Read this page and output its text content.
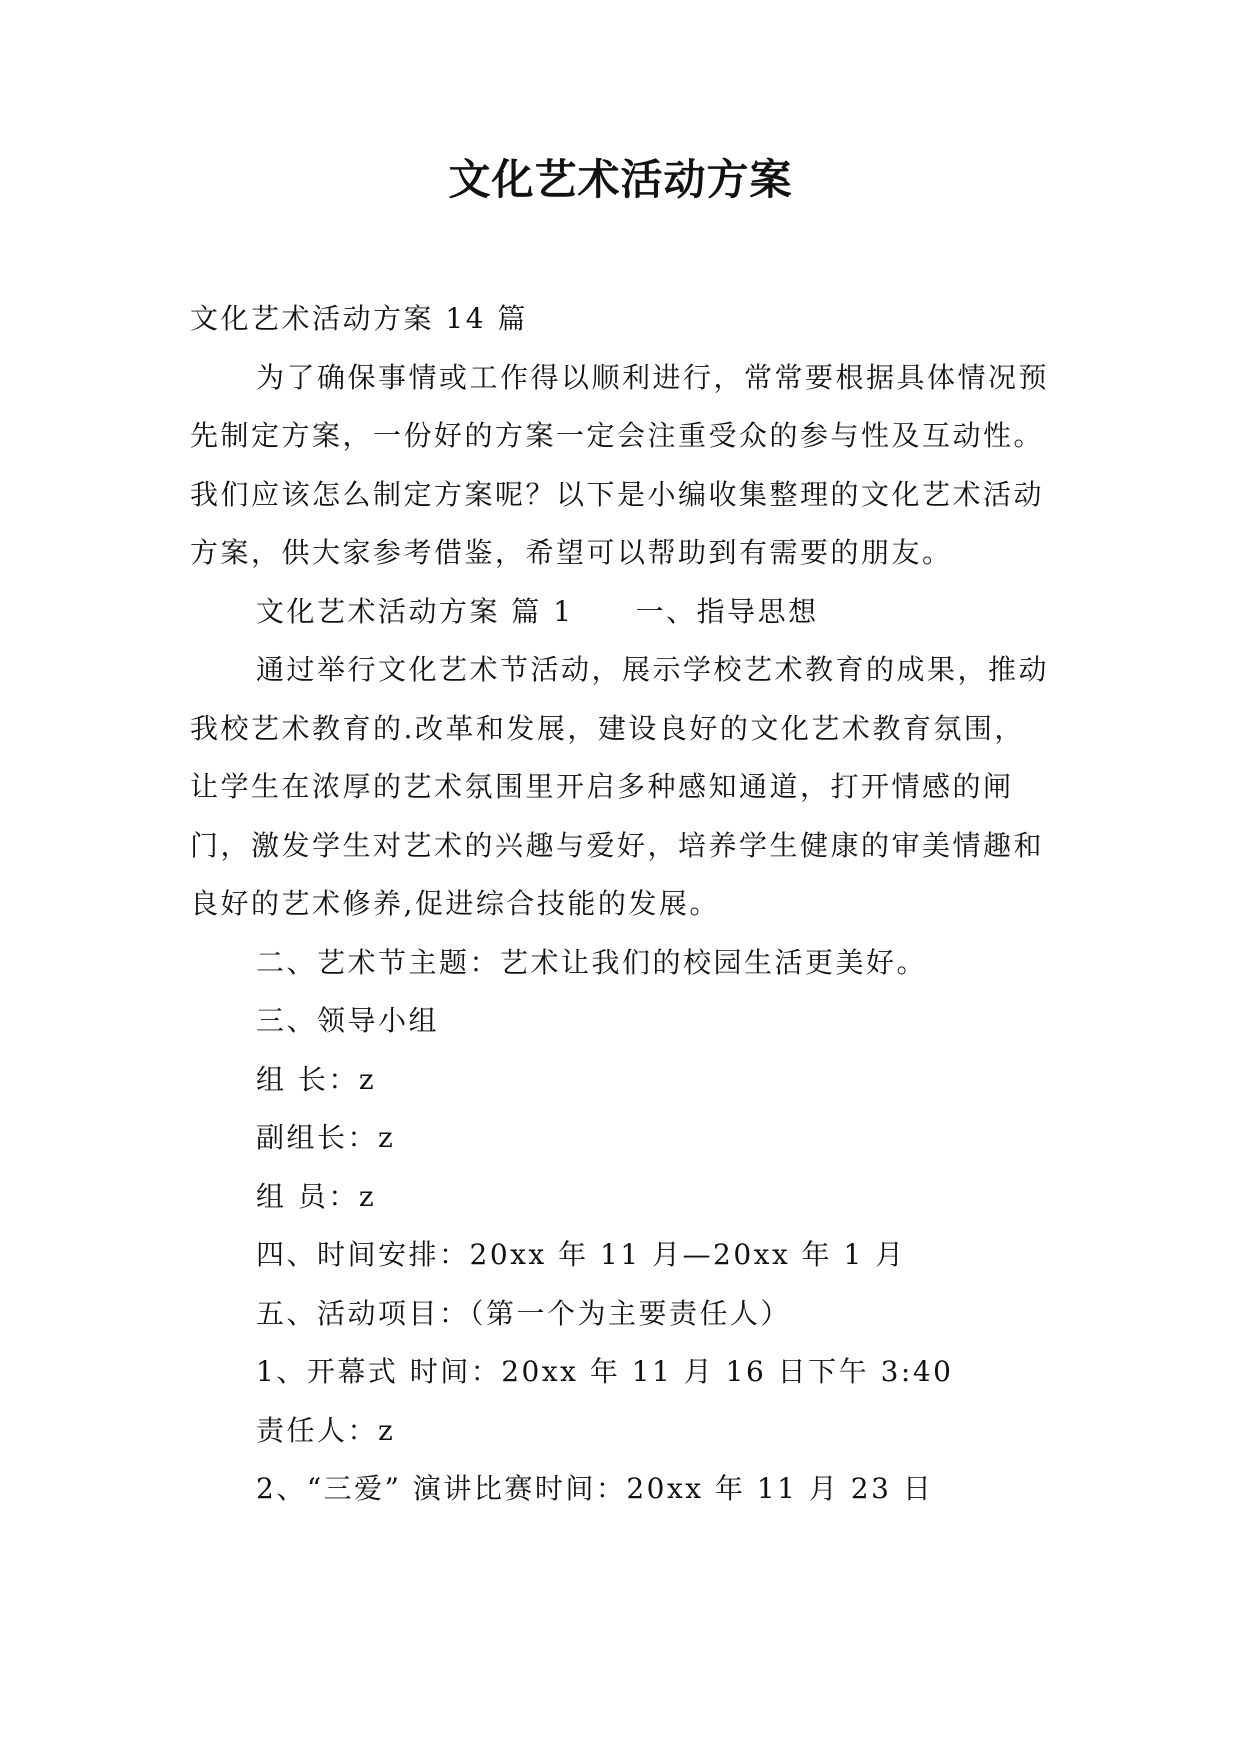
文化艺术活动方案

文化艺术活动方案 14 篇

为了确保事情或工作得以顺利进行，常常要根据具体情况预先制定方案，一份好的方案一定会注重受众的参与性及互动性。我们应该怎么制定方案呢？以下是小编收集整理的文化艺术活动方案，供大家参考借鉴，希望可以帮助到有需要的朋友。

文化艺术活动方案 篇 1 一、指导思想

通过举行文化艺术节活动，展示学校艺术教育的成果，推动我校艺术教育的.改革和发展，建设良好的文化艺术教育氛围，让学生在浓厚的艺术氛围里开启多种感知通道，打开情感的闸门，激发学生对艺术的兴趣与爱好，培养学生健康的审美情趣和良好的艺术修养,促进综合技能的发展。

二、艺术节主题：艺术让我们的校园生活更美好。

三、领导小组

组 长：z

副组长：z

组 员：z

四、时间安排：20xx 年 11 月—20xx 年 1 月

五、活动项目：（第一个为主要责任人）

1、开幕式 时间：20xx 年 11 月 16 日下午 3:40

责任人：z

2、“三爱” 演讲比赛时间：20xx 年 11 月 23 日
